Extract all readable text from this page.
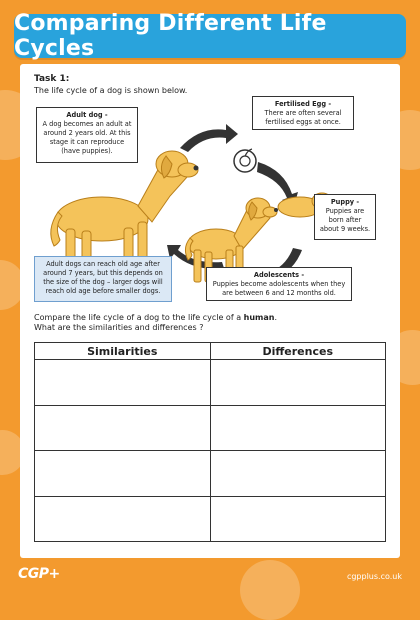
Comparing Different Life Cycles
Task 1:
The life cycle of a dog is shown below.
Adult dog -
A dog becomes an adult at around 2 years old. At this stage it can reproduce (have puppies).
Fertilised Egg -
There are often several fertilised eggs at once.
Puppy -
Puppies are born after about 9 weeks.
Adolescents -
Puppies become adolescents when they are between 6 and 12 months old.
Adult dogs can reach old age after around 7 years, but this depends on the size of the dog – larger dogs will reach old age before smaller dogs.
Compare the life cycle of a dog to the life cycle of a human.
What are the similarities and differences ?
Similarities	Differences

CGP+	cgpplus.co.uk
